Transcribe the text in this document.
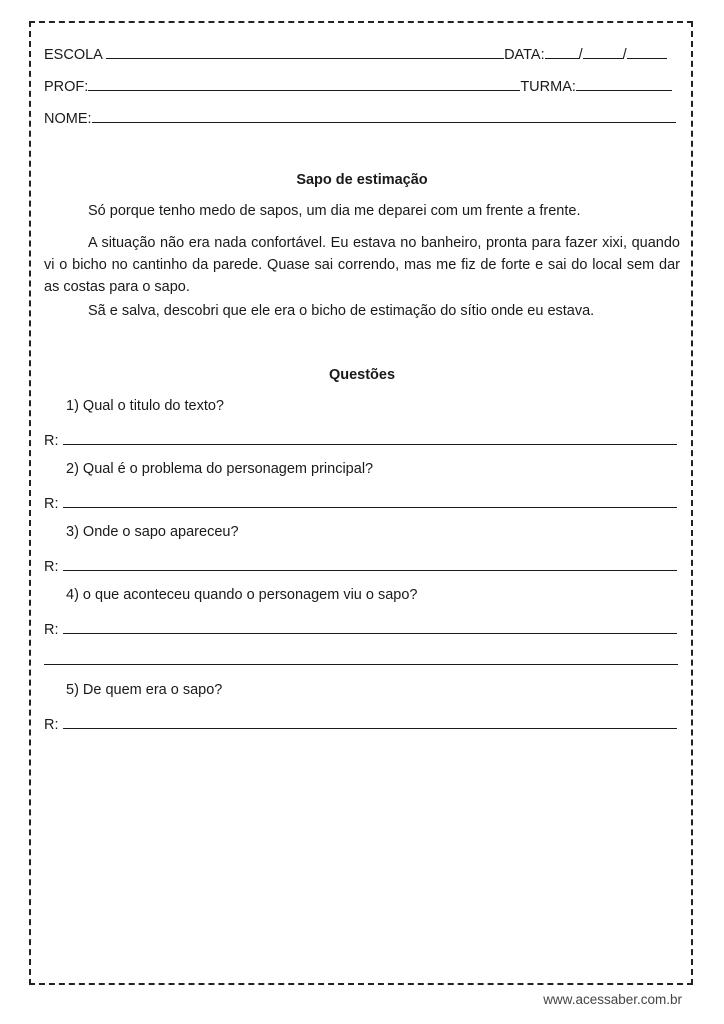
ESCOLA	DATA: /	/
PROF:	TURMA:
NOME:
Sapo de estimação

Só porque tenho medo de sapos, um dia me deparei com um frente a frente.

A situação não era nada confortável. Eu estava no banheiro, pronta para fazer xixi, quando vi o bicho no cantinho da parede. Quase sai correndo, mas me fiz de forte e sai do local sem dar as costas para o sapo.

Sã e salva, descobri que ele era o bicho de estimação do sítio onde eu estava.

Questões
1) Qual o titulo do texto?
R:
2) Qual é o problema do personagem principal?
R:
3) Onde o sapo apareceu?
R:
4) o que aconteceu quando o personagem viu o sapo?
R:
5) De quem era o sapo?
R:
www.acessaber.com.br
